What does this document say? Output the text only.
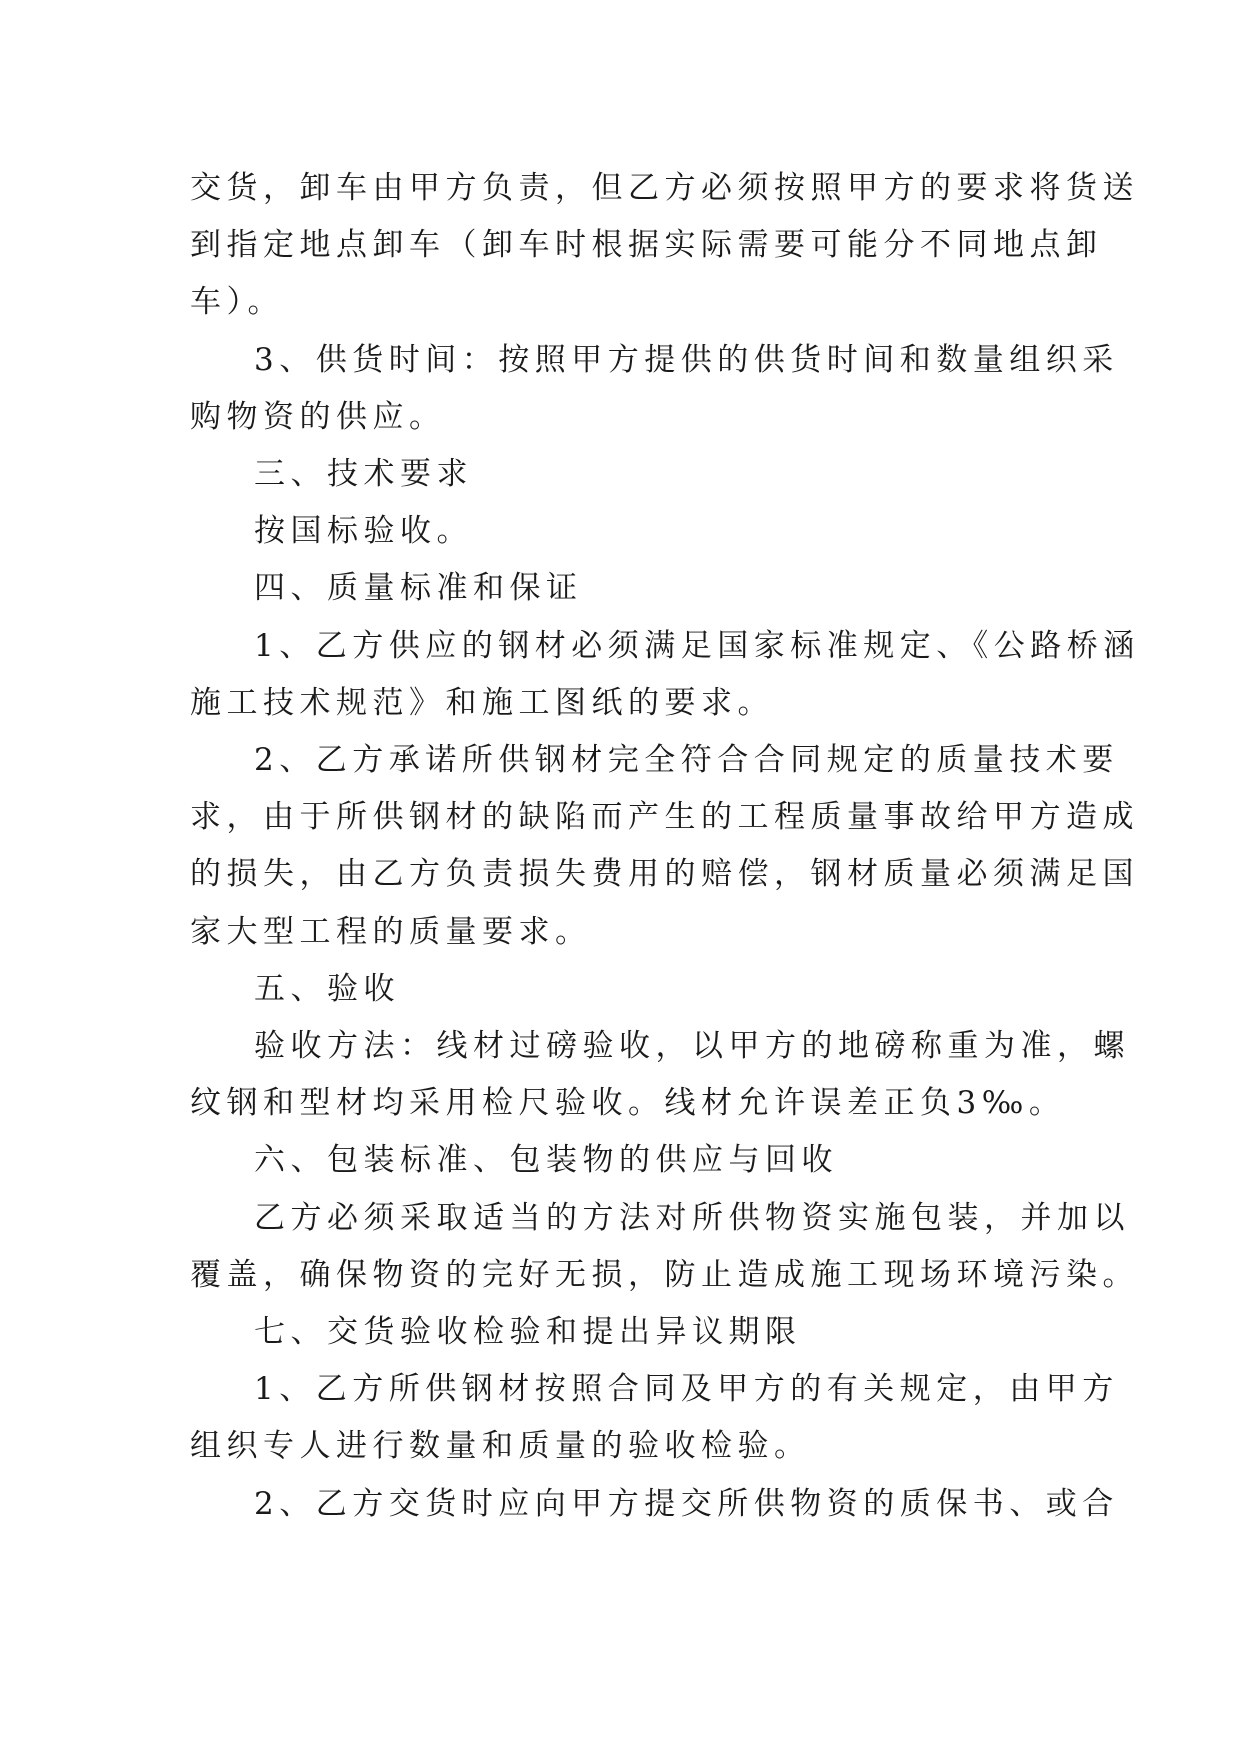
交货，卸车由甲方负责，但乙方必须按照甲方的要求将货送
到指定地点卸车（卸车时根据实际需要可能分不同地点卸
车）。
3、供货时间：按照甲方提供的供货时间和数量组织采
购物资的供应。
三、技术要求
按国标验收。
四、质量标准和保证
1、乙方供应的钢材必须满足国家标准规定、《公路桥涵
施工技术规范》和施工图纸的要求。
2、乙方承诺所供钢材完全符合合同规定的质量技术要
求，由于所供钢材的缺陷而产生的工程质量事故给甲方造成
的损失，由乙方负责损失费用的赔偿，钢材质量必须满足国
家大型工程的质量要求。
五、验收
验收方法：线材过磅验收，以甲方的地磅称重为准，螺
纹钢和型材均采用检尺验收。线材允许误差正负3‰。
六、包装标准、包装物的供应与回收
乙方必须采取适当的方法对所供物资实施包装，并加以
覆盖，确保物资的完好无损，防止造成施工现场环境污染。
七、交货验收检验和提出异议期限
1、乙方所供钢材按照合同及甲方的有关规定，由甲方
组织专人进行数量和质量的验收检验。
2、乙方交货时应向甲方提交所供物资的质保书、或合
